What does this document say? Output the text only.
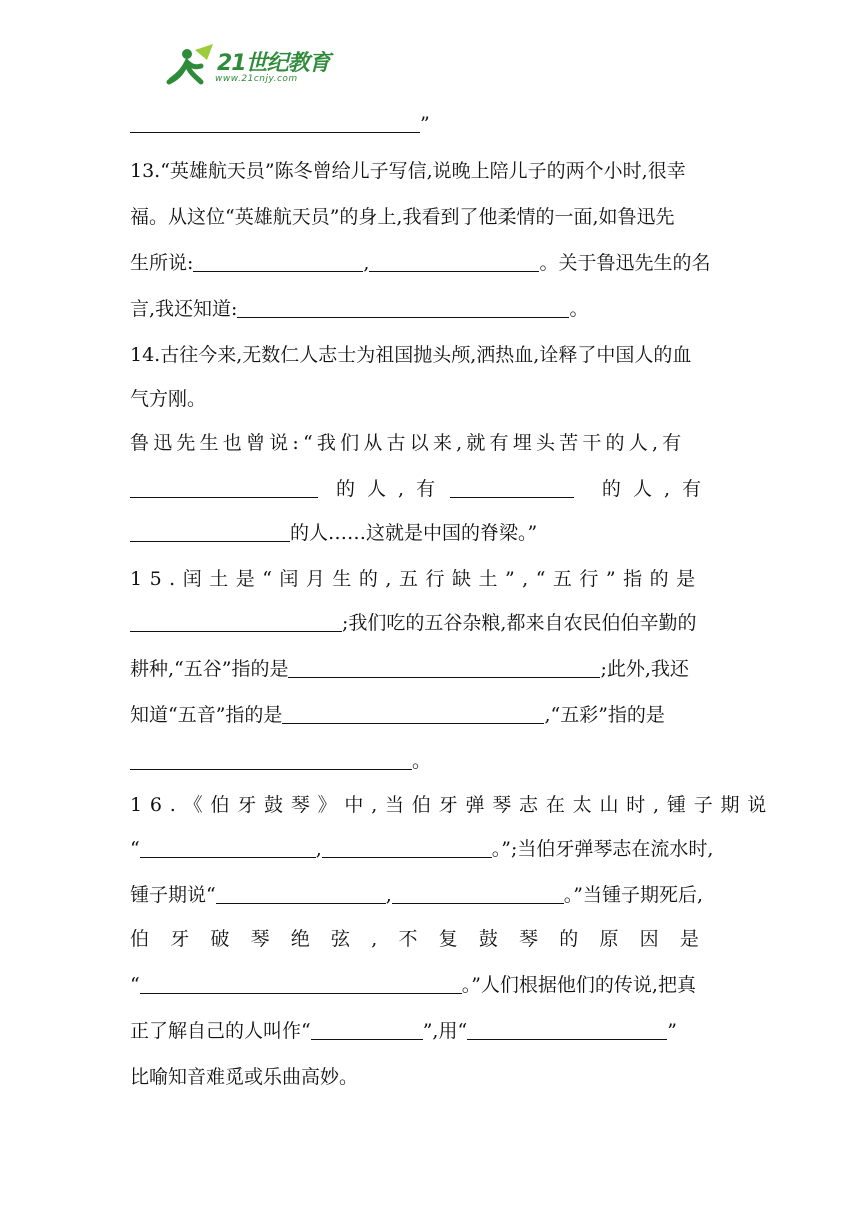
21世纪教育
www.21cnjy.com
”
13.“英雄航天员”陈冬曾给儿子写信,说晚上陪儿子的两个小时,很幸
福。从这位“英雄航天员”的身上,我看到了他柔情的一面,如鲁迅先
生所说:	,	。关于鲁迅先生的名
言,我还知道:	。
14.古往今来,无数仁人志士为祖国抛头颅,洒热血,诠释了中国人的血
气方刚。
鲁迅先生也曾说:“我们从古以来,就有埋头苦干的人,有
的 人 , 有	的 人 , 有
的人……这就是中国的脊梁。”
15.闰土是“闰月生的,五行缺土”,“五行”指的是
;我们吃的五谷杂粮,都来自农民伯伯辛勤的
耕种,“五谷”指的是	;此外,我还
知道“五音”指的是	,“五彩”指的是
。
16.《伯牙鼓琴》中,当伯牙弹琴志在太山时,锺子期说
“	,	。”;当伯牙弹琴志在流水时,
锺子期说“	,	。”当锺子期死后,
伯牙破琴绝弦,不复鼓琴的原因是
“	。”人们根据他们的传说,把真
正了解自己的人叫作“	”,用“	”
比喻知音难觅或乐曲高妙。
